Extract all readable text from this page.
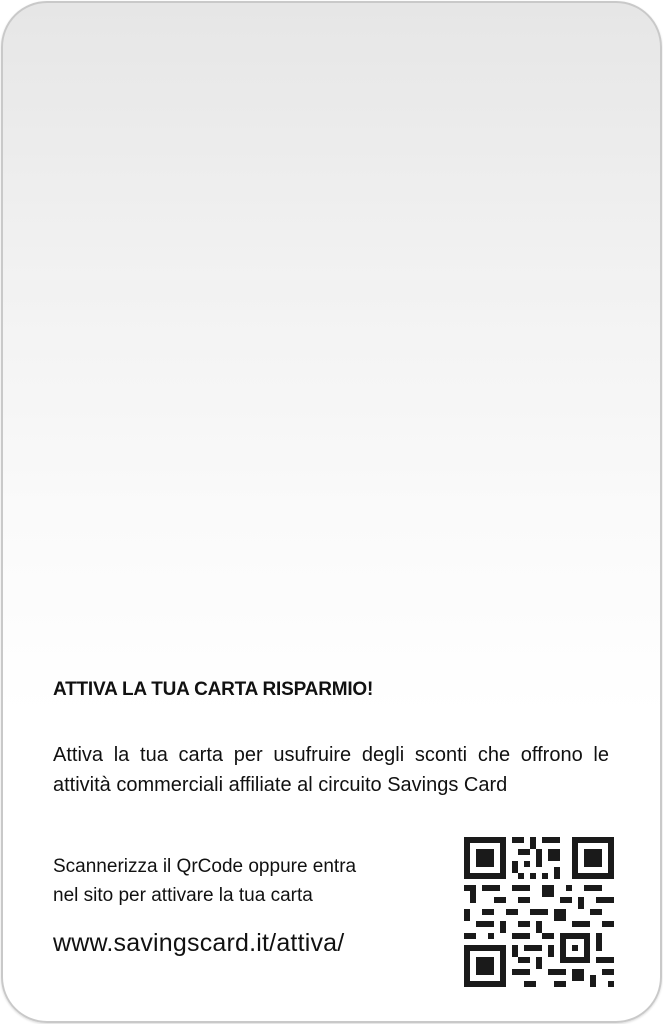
ATTIVA LA TUA CARTA RISPARMIO!
Attiva la tua carta per usufruire degli sconti che offrono le attività commerciali affiliate al circuito Savings Card
Scannerizza il QrCode oppure entra
nel sito per attivare la tua carta
www.savingscard.it/attiva/
